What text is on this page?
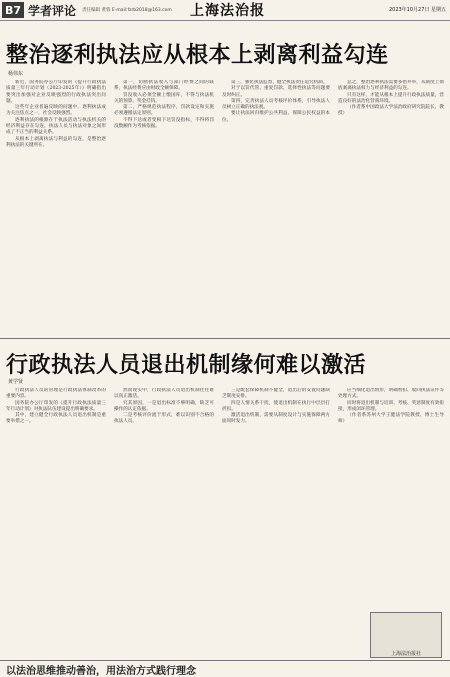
B7 学者评论 责任编辑 黄蓉 E-mail:fzrb2018@163.com 上海法治报	2023年10月27日 星期五
整治逐利执法应从根本上剥离利益勾连
杨伟东

新近，国务院办公厅印发的《提升行政执法质量三年行动计划（2023-2025年）》明确指出要突出加强对企业反映强烈的行政执法突出问题。

这些年企业普遍反映的问题中，逐利执法成为关注焦点之一，社会反映强烈。

逐利执法的根源在于执法活动与执法机关的经济利益存在勾连，执法人员与执法对象之间形成了不正当的利益关系。

从根本上剥离执法与利益的勾连，是整治逐利执法的关键所在。

第一，切断执法收入与部门经费之间的联系，执法经费应由财政全额保障。

罚没收入必须全额上缴国库，不得与执法机关的预算、奖金挂钩。

第二，严格规范执法程序，罚款设定和实施必须遵循法定原则。

不得下达或者变相下达罚没指标，不得将罚没数额作为考核依据。

第三，强化执法监督，健全执法责任追究机制。

对于以罚代管、重复罚款、选择性执法等问题要及时纠正。

第四，完善执法人员考核评价体系，引导执法人员树立正确的执法观。

要让执法回归维护公共利益、保障公民权益的本位。

总之，整治逐利执法需要多措并举，从制度上彻底剥离执法权力与经济利益的勾连。

只有这样，才能从根本上提升行政执法质量，营造良好的法治化营商环境。

（作者系中国政法大学法治政府研究院院长、教授）

行政执法人员退出机制缘何难以激活
黄学贤

行政执法人员的管理是行政执法体制改革的重要内容。

国务院办公厅印发的《提升行政执法质量三年行动计划》对执法队伍建设提出明确要求。

其中，建立健全行政执法人员退出机制是重要举措之一。

然而现实中，行政执法人员退出机制往往难以真正激活。

究其原因，一是退出标准不够明确，缺乏可操作的认定依据。

二是考核评价流于形式，难以识别不合格的执法人员。

三是配套保障机制不健全，退出后的安置问题缺乏制度安排。

四是人情关系干扰，使退出机制在执行中层层打折扣。

激活退出机制，需要从制度设计与实施保障两方面同时发力。

应当细化退出情形，明确暂扣、收回执法证件等处理方式。

同时将退出机制与培训、考核、奖惩制度有效衔接，形成闭环管理。

（作者系苏州大学王健法学院教授、博士生导师）

上海法治报社
以法治思维推动善治，用法治方式践行理念
